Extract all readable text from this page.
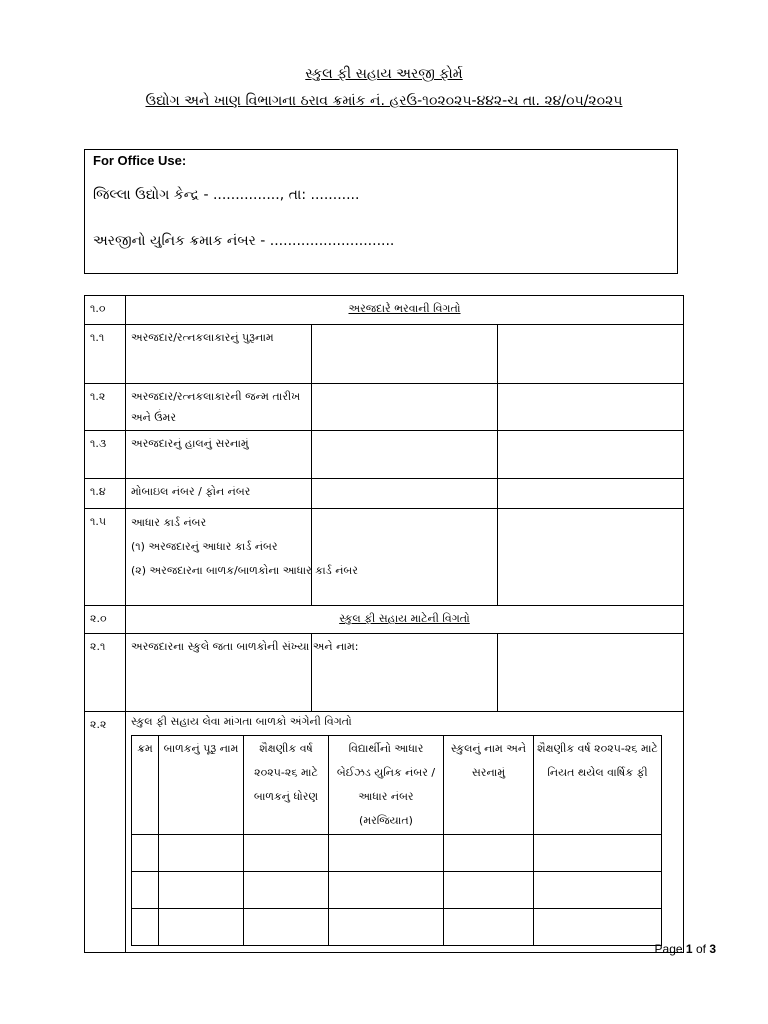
સ્કુલ ફી સહાય અરજી ફોર્મ
ઉદ્યોગ અને ખાણ વિભાગના ઠરાવ ક્રમાંક નં. હરઉ-૧૦૨૦૨૫-૪૪૨-ચ તા. ૨૪/૦૫/૨૦૨૫
For Office Use:
જિલ્લા ઉદ્યોગ કેન્દ્ર - ..............., તા: ...........
અરજીનો યુનિક ક્રમાક નંબર - ............................
૧.૦	અરજદારે ભરવાની વિગતો
૧.૧	અરજદાર/રત્નકલાકારનું પુરૂનામ		
૧.૨	અરજદાર/રત્નકલાકારની જન્મ તારીખ અને ઉંમર		
૧.૩	અરજદારનું હાલનું સરનામું		
૧.૪	મોબાઇલ નંબર / ફોન નંબર		
૧.૫	આધાર કાર્ડ નંબર
(૧) અરજદારનું આધાર કાર્ડ નંબર
(૨) અરજદારના બાળક/બાળકોના આધાર કાર્ડ નંબર

૨.૦	સ્કુલ ફી સહાય માટેની વિગતો
૨.૧	અરજદારના સ્કુલે જતા બાળકોની સંખ્યા અને નામ:		
૨.૨	સ્કુલ ફી સહાય લેવા માંગતા બાળકો અંગેની વિગતો
ક્રમ	બાળકનું પૂરૂ નામ	શૈક્ષણીક વર્ષ ૨૦૨૫-૨૬ માટે બાળકનું ધોરણ	વિદ્યાર્થીનો આધાર બેઈઝડ યુનિક નંબર /આધાર નંબર (મરજિયાત)	સ્કુલનું નામ અને સરનામું	શૈક્ષણીક વર્ષ ૨૦૨૫-૨૬ માટે નિયત થયેલ વાર્ષિક ફી

Page 1 of 3
